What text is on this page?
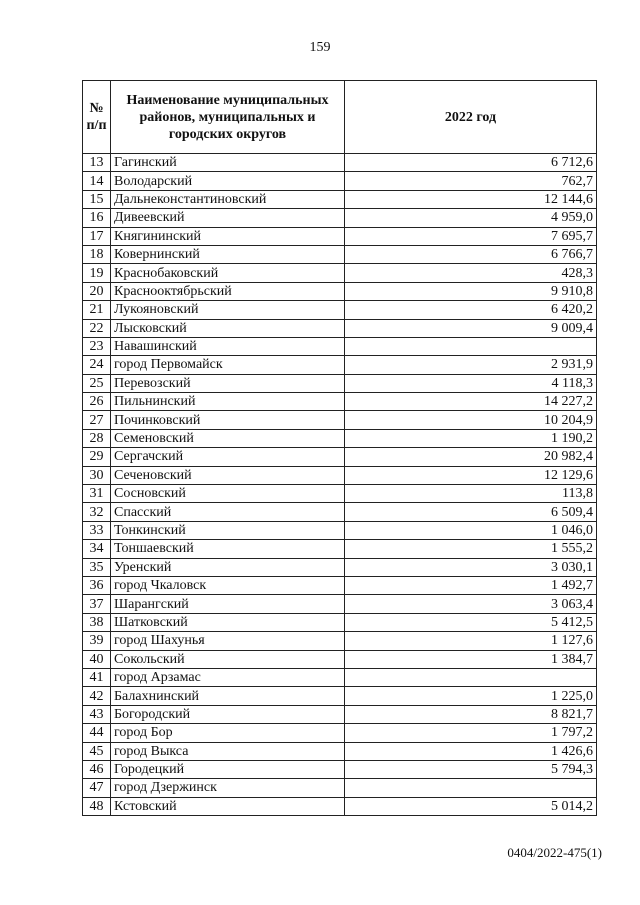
159
№ п/п	Наименование муниципальных районов, муниципальных и городских округов	2022 год
13	Гагинский	6 712,6
14	Володарский	762,7
15	Дальнеконстантиновский	12 144,6
16	Дивеевский	4 959,0
17	Княгининский	7 695,7
18	Ковернинский	6 766,7
19	Краснобаковский	428,3
20	Краснооктябрьский	9 910,8
21	Лукояновский	6 420,2
22	Лысковский	9 009,4
23	Навашинский	
24	город Первомайск	2 931,9
25	Перевозский	4 118,3
26	Пильнинский	14 227,2
27	Починковский	10 204,9
28	Семеновский	1 190,2
29	Сергачский	20 982,4
30	Сеченовский	12 129,6
31	Сосновский	113,8
32	Спасский	6 509,4
33	Тонкинский	1 046,0
34	Тоншаевский	1 555,2
35	Уренский	3 030,1
36	город Чкаловск	1 492,7
37	Шарангский	3 063,4
38	Шатковский	5 412,5
39	город Шахунья	1 127,6
40	Сокольский	1 384,7
41	город Арзамас	
42	Балахнинский	1 225,0
43	Богородский	8 821,7
44	город Бор	1 797,2
45	город Выкса	1 426,6
46	Городецкий	5 794,3
47	город Дзержинск	
48	Кстовский	5 014,2
0404/2022-475(1)
